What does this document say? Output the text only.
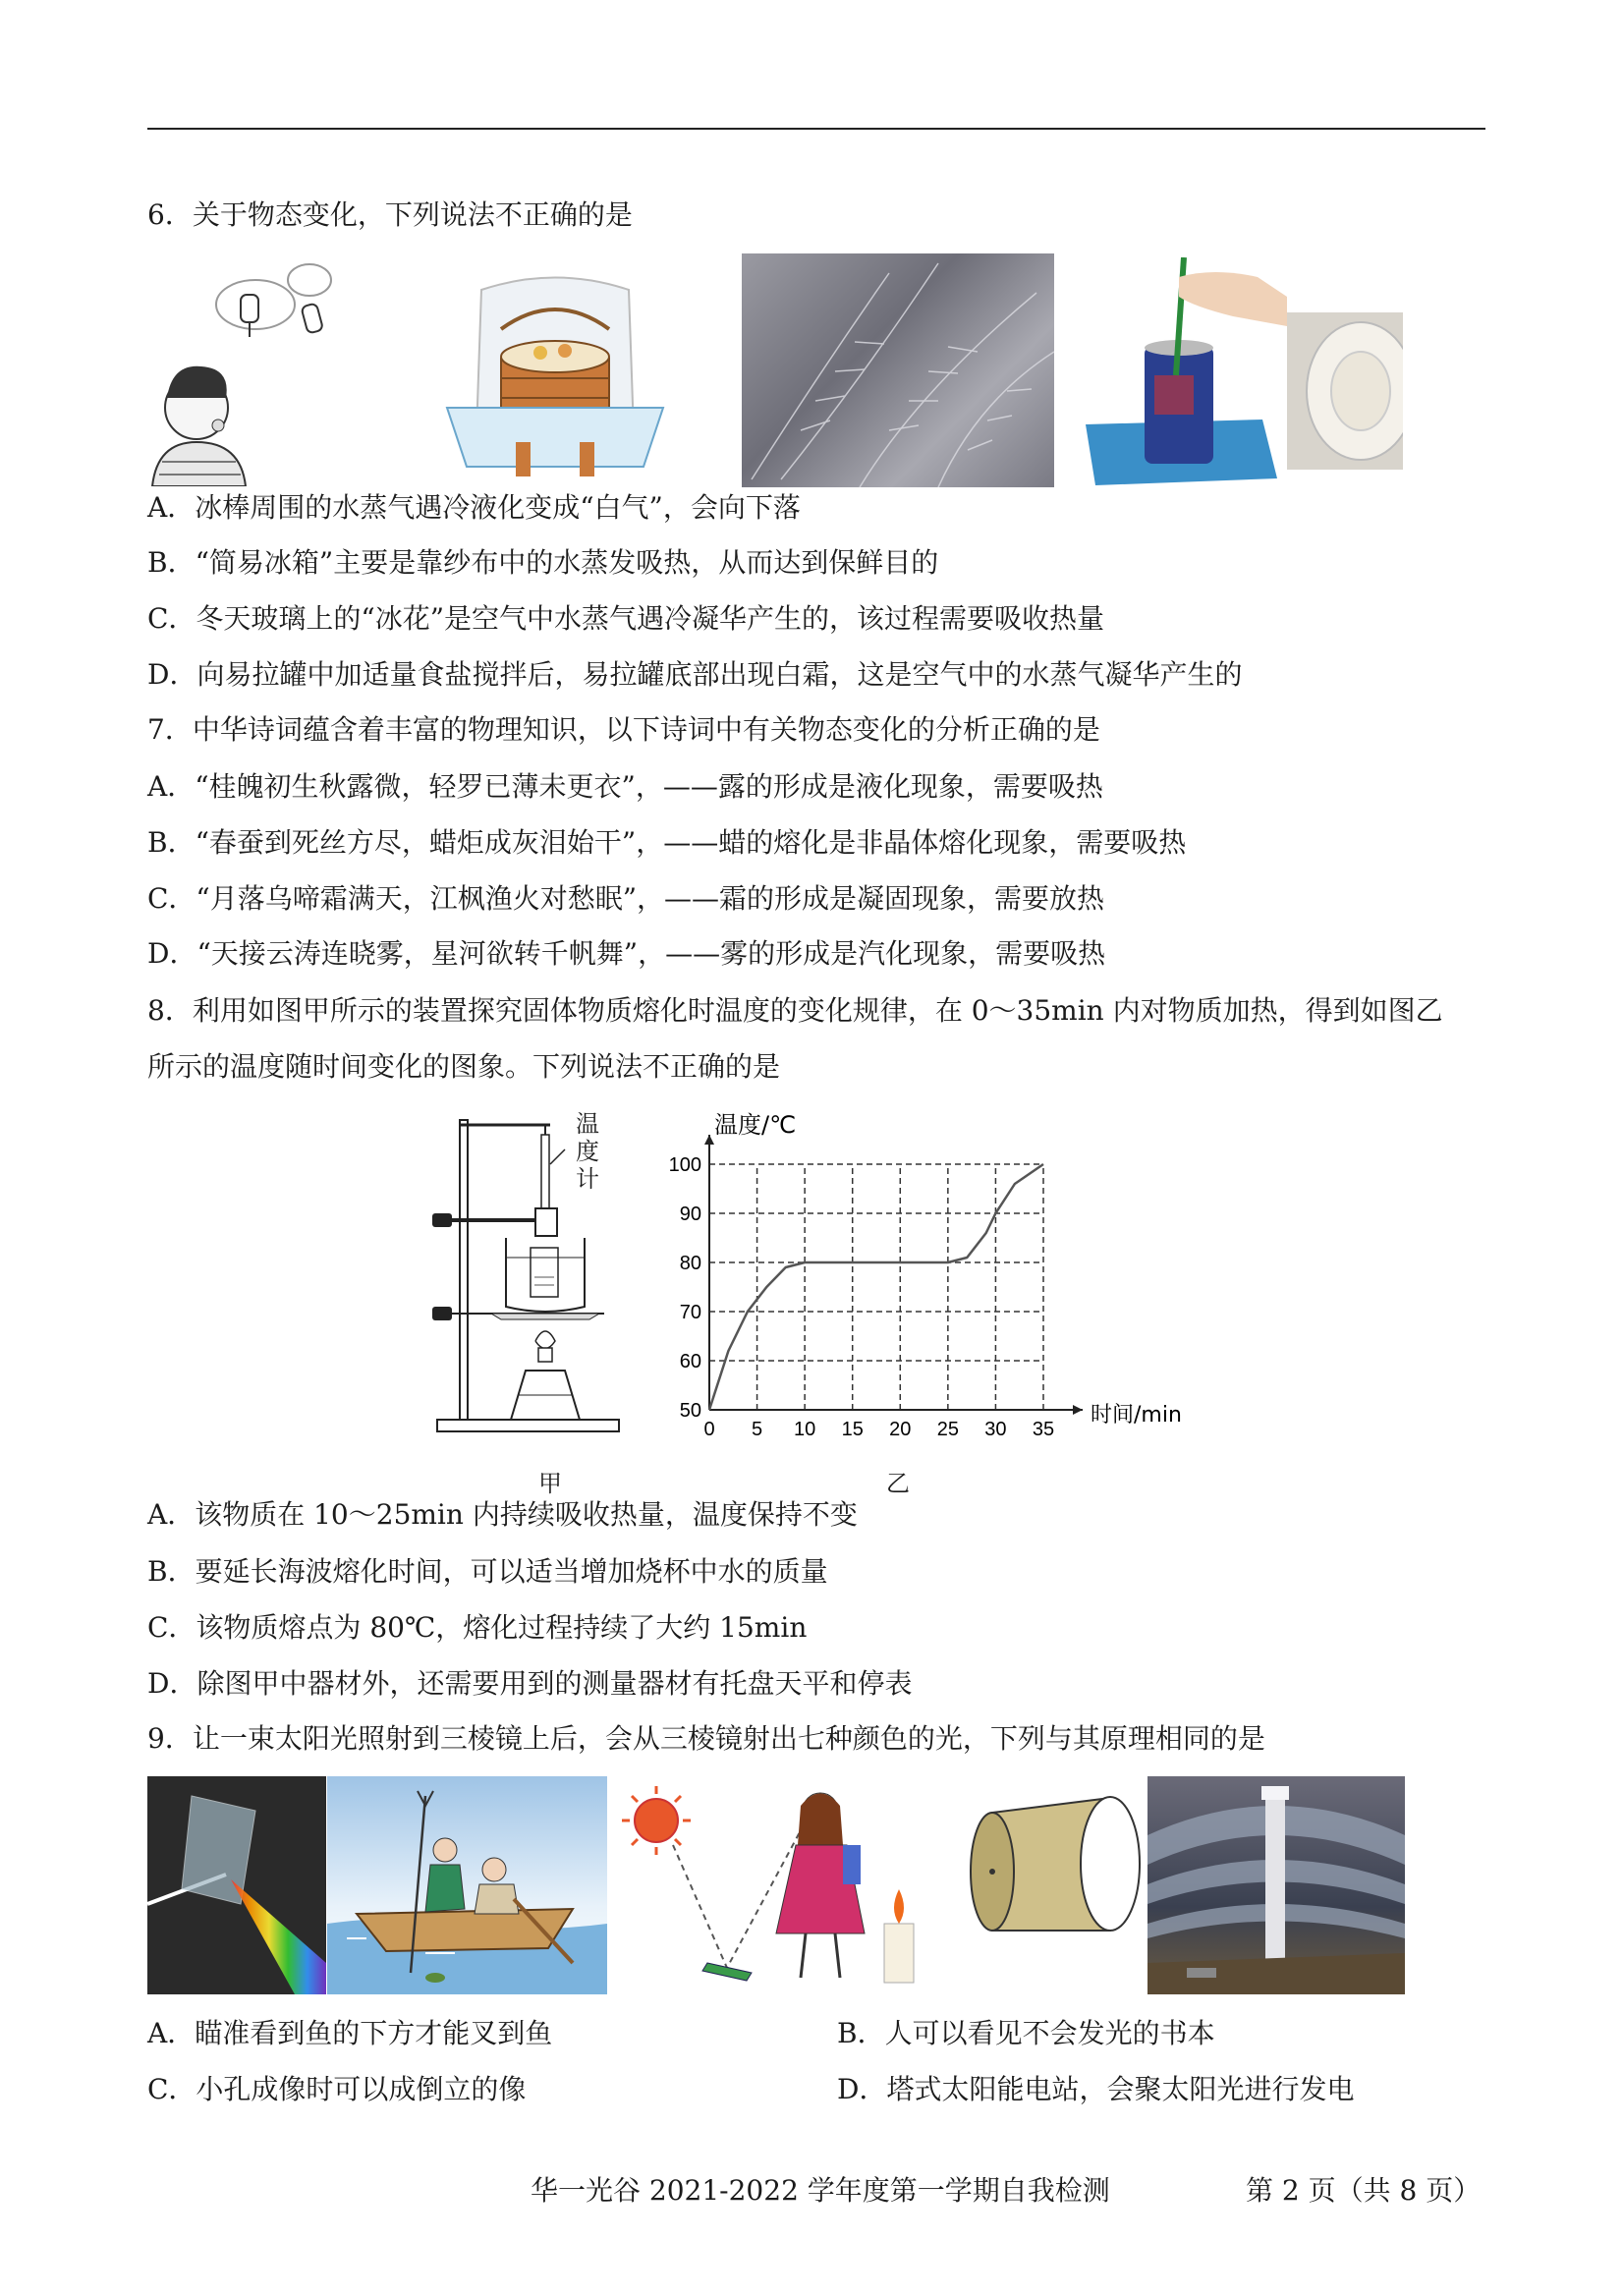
6．关于物态变化，下列说法不正确的是
A．冰棒周围的水蒸气遇冷液化变成“白气”，会向下落
B．“简易冰箱”主要是靠纱布中的水蒸发吸热，从而达到保鲜目的
C．冬天玻璃上的“冰花”是空气中水蒸气遇冷凝华产生的，该过程需要吸收热量
D．向易拉罐中加适量食盐搅拌后，易拉罐底部出现白霜，这是空气中的水蒸气凝华产生的
7．中华诗词蕴含着丰富的物理知识，以下诗词中有关物态变化的分析正确的是
A．“桂魄初生秋露微，轻罗已薄未更衣”，——露的形成是液化现象，需要吸热
B．“春蚕到死丝方尽，蜡炬成灰泪始干”，——蜡的熔化是非晶体熔化现象，需要吸热
C．“月落乌啼霜满天，江枫渔火对愁眠”，——霜的形成是凝固现象，需要放热
D．“天接云涛连晓雾，星河欲转千帆舞”，——雾的形成是汽化现象，需要吸热
8．利用如图甲所示的装置探究固体物质熔化时温度的变化规律，在 0～35min 内对物质加热，得到如图乙
所示的温度随时间变化的图象。下列说法不正确的是
温
度
计
甲
0 5 10 15 20 25 30 35
50
60
70
80
90
100
时间/min
温度/℃
乙
A．该物质在 10～25min 内持续吸收热量，温度保持不变
B．要延长海波熔化时间，可以适当增加烧杯中水的质量
C．该物质熔点为 80℃，熔化过程持续了大约 15min
D．除图甲中器材外，还需要用到的测量器材有托盘天平和停表
9．让一束太阳光照射到三棱镜上后，会从三棱镜射出七种颜色的光，下列与其原理相同的是
A．瞄准看到鱼的下方才能叉到鱼	B．人可以看见不会发光的书本
C．小孔成像时可以成倒立的像	D．塔式太阳能电站，会聚太阳光进行发电
华一光谷 2021-2022 学年度第一学期自我检测	第 2 页（共 8 页）
